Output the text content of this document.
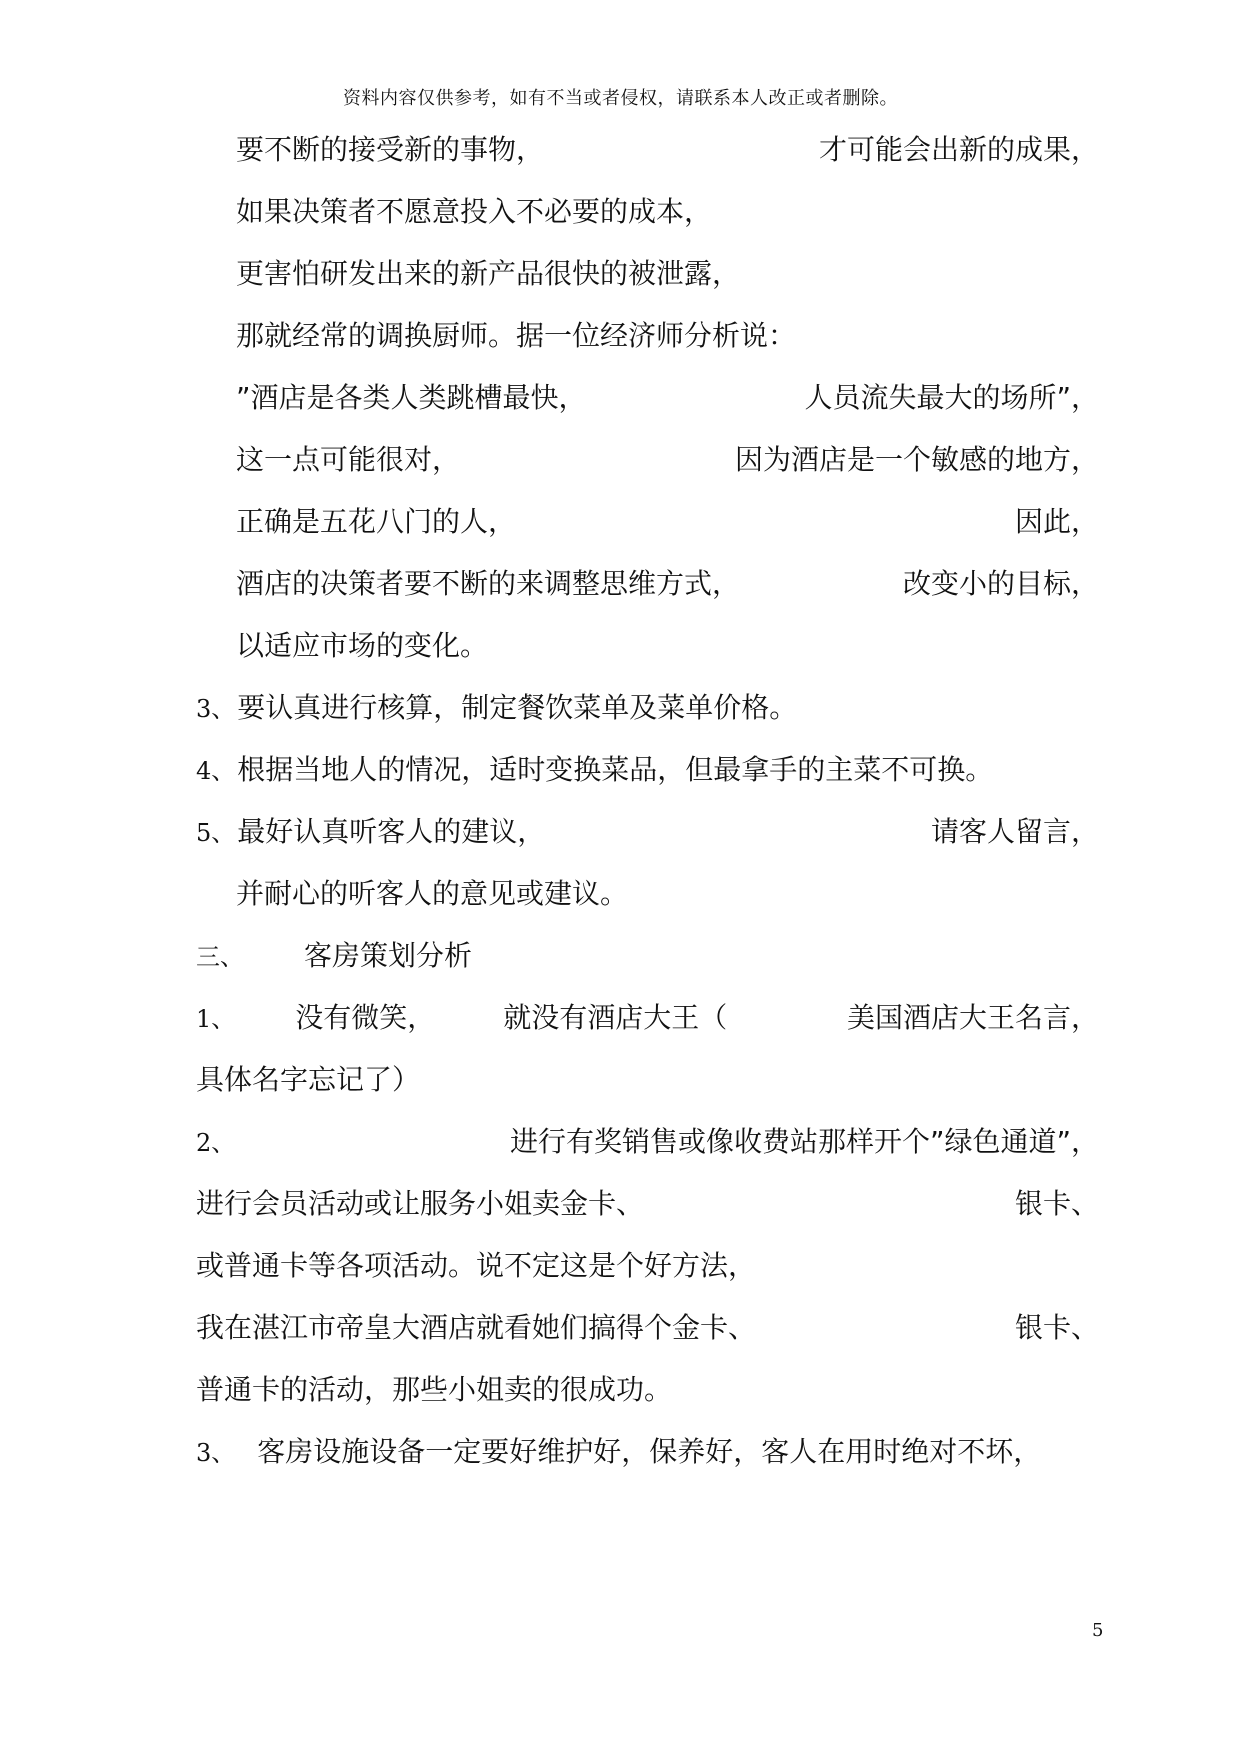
资料内容仅供参考，如有不当或者侵权，请联系本人改正或者删除。
要不断的接受新的事物，	才可能会出新的成果，
如果决策者不愿意投入不必要的成本，
更害怕研发出来的新产品很快的被泄露，
那就经常的调换厨师。据一位经济师分析说：
”酒店是各类人类跳槽最快，	人员流失最大的场所”，
这一点可能很对，	因为酒店是一个敏感的地方，
正确是五花八门的人，	因此，
酒店的决策者要不断的来调整思维方式，	改变小的目标，
以适应市场的变化。
3、要认真进行核算，制定餐饮菜单及菜单价格。
4、根据当地人的情况，适时变换菜品，但最拿手的主菜不可换。
5、最好认真听客人的建议，	请客人留言，
并耐心的听客人的意见或建议。
三、 客房策划分析
1、 没有微笑， 就没有酒店大王（	美国酒店大王名言，
具体名字忘记了）
2、	进行有奖销售或像收费站那样开个”绿色通道”，
进行会员活动或让服务小姐卖金卡、	银卡、
或普通卡等各项活动。说不定这是个好方法，
我在湛江市帝皇大酒店就看她们搞得个金卡、	银卡、
普通卡的活动，那些小姐卖的很成功。
3、 客房设施设备一定要好维护好，保养好，客人在用时绝对不坏，
5
